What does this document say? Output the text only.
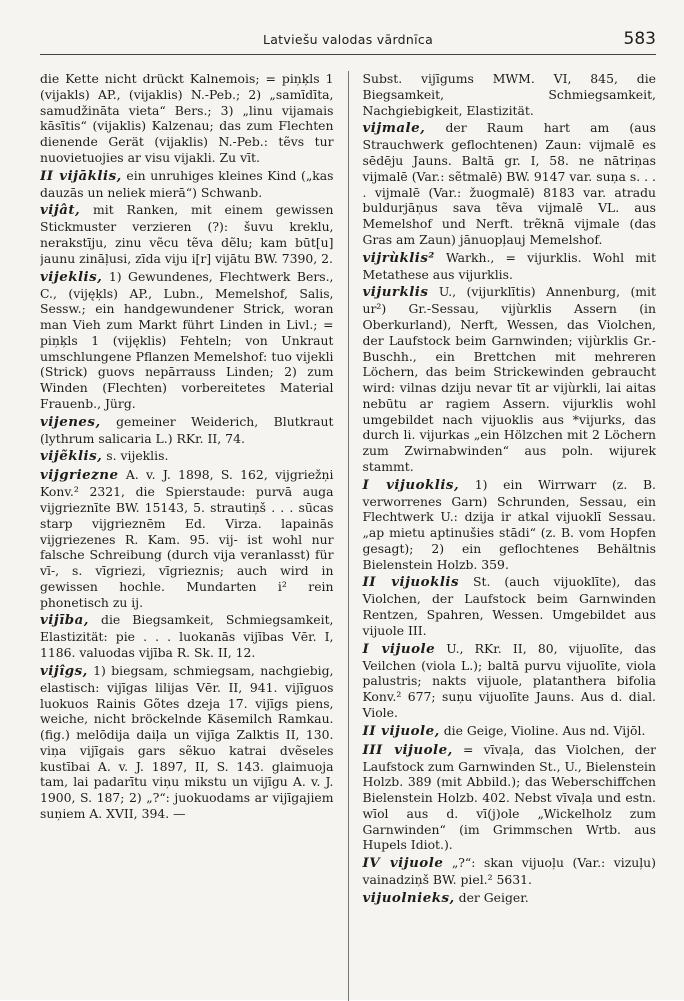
Latviešu valodas vārdnīca	583

die Kette nicht drückt Kalnemois; = piņķls 1 (vijakls) AP., (vijaklis) N.-Peb.; 2) „samīdīta, samudžināta vieta“ Bers.; 3) „linu vijamais kāsītis“ (vijaklis) Kalzenau; das zum Flechten dienende Gerät (vijaklis) N.-Peb.: tẽvs tur nuovietuojies ar visu vijakli. Zu vīt.

II vijāklis, ein unruhiges kleines Kind („kas dauzās un neliek mierā“) Schwanb.

vijât, mit Ranken, mit einem gewissen Stickmuster verzieren (?): šuvu kreklu, nerakstīju, zinu vẽcu tẽva dẽlu; kam būt[u] jaunu zināļusi, zīda viju i[r] vijātu BW. 7390, 2.

vijeklis, 1) Gewundenes, Flechtwerk Bers., C., (vijęķls) AP., Lubn., Memelshof, Salis, Sessw.; ein handgewundener Strick, woran man Vieh zum Markt führt Linden in Livl.; = piņķls 1 (vijęklis) Fehteln; von Unkraut umschlungene Pflanzen Memelshof: tuo vijekli (Strick) guovs nepārrauss Linden; 2) zum Winden (Flechten) vorbereitetes Material Frauenb., Jürg.

vijenes, gemeiner Weiderich, Blutkraut (lythrum salicaria L.) RKr. II, 74.

vijẽklis, s. vijeklis.

vijgriezne A. v. J. 1898, S. 162, vijgriežņi Konv.² 2321, die Spierstaude: purvā auga vijgrieznīte BW. 15143, 5. strautiņš . . . sūcas starp vijgrieznēm Ed. Virza. lapainās vijgriezenes R. Kam. 95. vij- ist wohl nur falsche Schreibung (durch vija veranlasst) für vī-, s. vīgriezi, vīgrieznis; auch wird in gewissen hochle. Mundarten i² rein phonetisch zu ij.

vijība, die Biegsamkeit, Schmiegsamkeit, Elastizität: pie . . . luokanās vijības Vēr. I, 1186. valuodas vijība R. Sk. II, 12.

vijîgs, 1) biegsam, schmiegsam, nachgiebig, elastisch: vijīgas lilijas Vēr. II, 941. vijīguos luokuos Rainis Gõtes dzeja 17. vijīgs piens, weiche, nicht bröckelnde Käsemilch Ramkau. (fig.) melōdija daiļa un vijīga Zalktis II, 130. viņa vijīgais gars sẽkuo katrai dvẽseles kustībai A. v. J. 1897, II, S. 143. glaimuoja tam, lai padarītu viņu mikstu un vijīgu A. v. J. 1900, S. 187; 2) „?“: juokuodams ar vijīgajiem suņiem A. XVII, 394. —

Subst. vijīgums MWM. VI, 845, die Biegsamkeit, Schmiegsamkeit, Nachgiebigkeit, Elastizität.

vijmale, der Raum hart am (aus Strauchwerk geflochtenen) Zaun: vijmalē es sēdēju Jauns. Baltā gr. I, 58. ne nātriņas vijmalē (Var.: sẽtmalē) BW. 9147 var. suņa s. . . . vijmalē (Var.: žuogmalē) 8183 var. atradu buldurjāņus sava tẽva vijmalē VL. aus Memelshof und Nerft. trẽknā vijmale (das Gras am Zaun) jānuopļauj Memelshof.

vijrùklis² Warkh., = vijurklis. Wohl mit Metathese aus vijurklis.

vijurklis U., (vijurklītis) Annenburg, (mit ur²) Gr.-Sessau, vijùrklis Assern (in Oberkurland), Nerft, Wessen, das Violchen, der Laufstock beim Garnwinden; vijùrklis Gr.-Buschh., ein Brettchen mit mehreren Löchern, das beim Strickewinden gebraucht wird: vilnas dziju nevar tīt ar vijùrkli, lai aitas nebūtu ar ragiem Assern. vijurklis wohl umgebildet nach vijuoklis aus *vijurks, das durch li. vijurkas „ein Hölzchen mit 2 Löchern zum Zwirnabwinden“ aus poln. wijurek stammt.

I vijuoklis, 1) ein Wirrwarr (z. B. verworrenes Garn) Schrunden, Sessau, ein Flechtwerk U.: dzija ir atkal vijuoklī Sessau. „ap mietu aptinušies stādi“ (z. B. vom Hopfen gesagt); 2) ein geflochtenes Behältnis Bielenstein Holzb. 359.

II vijuoklis St. (auch vijuoklīte), das Violchen, der Laufstock beim Garnwinden Rentzen, Spahren, Wessen. Umgebildet aus vijuole III.

I vijuole U., RKr. II, 80, vijuolīte, das Veilchen (viola L.); baltā purvu vijuolīte, viola palustris; nakts vijuole, platanthera bifolia Konv.² 677; suņu vijuolīte Jauns. Aus d. dial. Viole.

II vijuole, die Geige, Violine. Aus nd. Vijōl.

III vijuole, = vīvaļa, das Violchen, der Laufstock zum Garnwinden St., U., Bielenstein Holzb. 389 (mit Abbild.); das Weberschiffchen Bielenstein Holzb. 402. Nebst vīvaļa und estn. wīol aus d. vī(j)ole „Wickelholz zum Garnwinden“ (im Grimmschen Wrtb. aus Hupels Idiot.).

IV vijuole „?“: skan vijuoļu (Var.: vizuļu) vainadziņš BW. piel.² 5631.

vijuolnieks, der Geiger.
